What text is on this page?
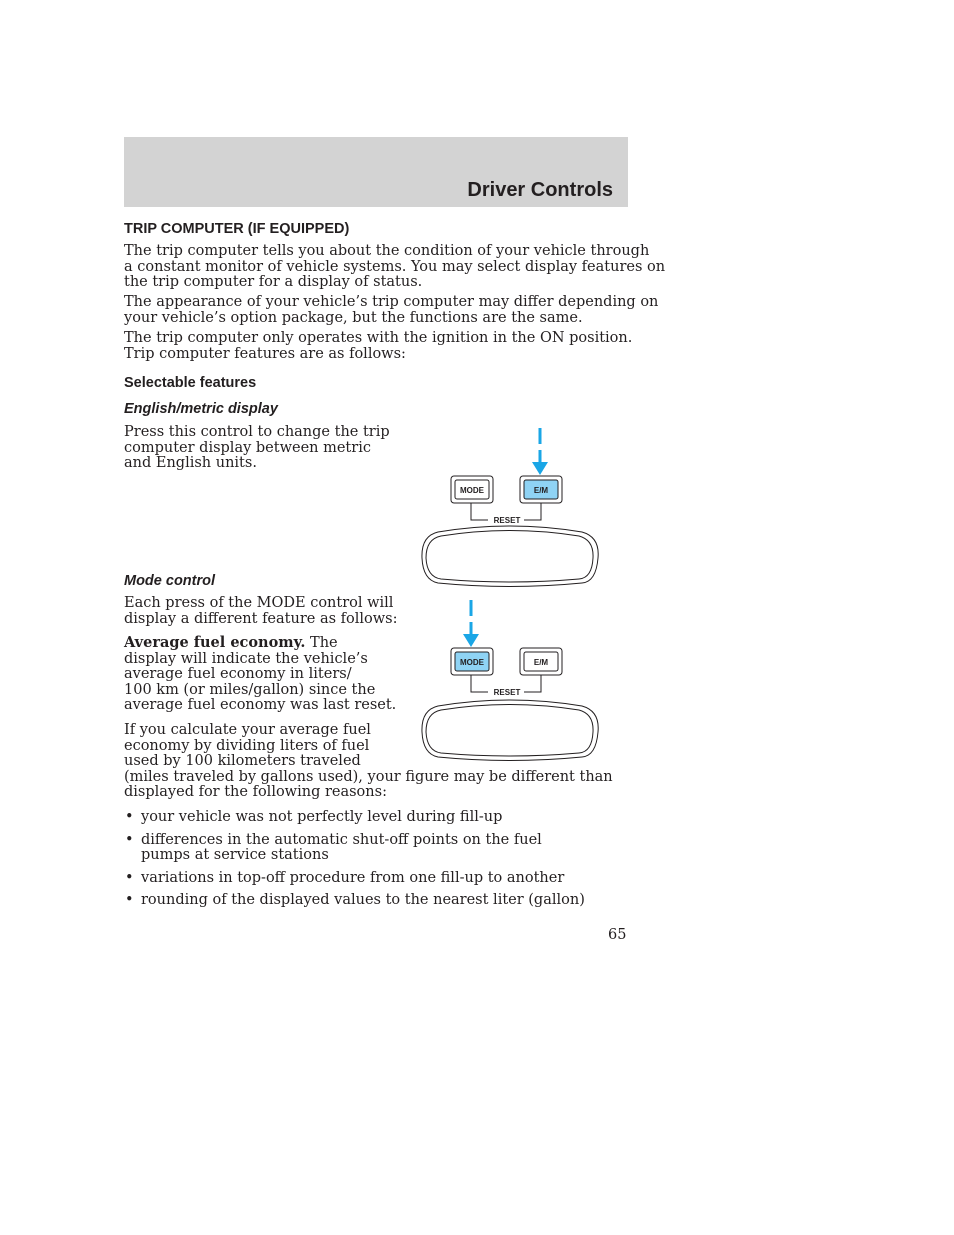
Driver Controls
TRIP COMPUTER (IF EQUIPPED)

The trip computer tells you about the condition of your vehicle through
a constant monitor of vehicle systems. You may select display features on
the trip computer for a display of status.

The appearance of your vehicle’s trip computer may differ depending on
your vehicle’s option package, but the functions are the same.

The trip computer only operates with the ignition in the ON position.
Trip computer features are as follows:

Selectable features
English/metric display

Press this control to change the trip
computer display between metric
and English units.

Mode control

Each press of the MODE control will
display a different feature as follows:

Average fuel economy. The
display will indicate the vehicle’s
average fuel economy in liters/
100 km (or miles/gallon) since the
average fuel economy was last reset.

If you calculate your average fuel
economy by dividing liters of fuel
used by 100 kilometers traveled
(miles traveled by gallons used), your figure may be different than
displayed for the following reasons:

• your vehicle was not perfectly level during fill-up
• differences in the automatic shut-off points on the fuel pumps at service stations
• variations in top-off procedure from one fill-up to another
• rounding of the displayed values to the nearest liter (gallon)
MODE	E/M
RESET
MODE	E/M
RESET
65
